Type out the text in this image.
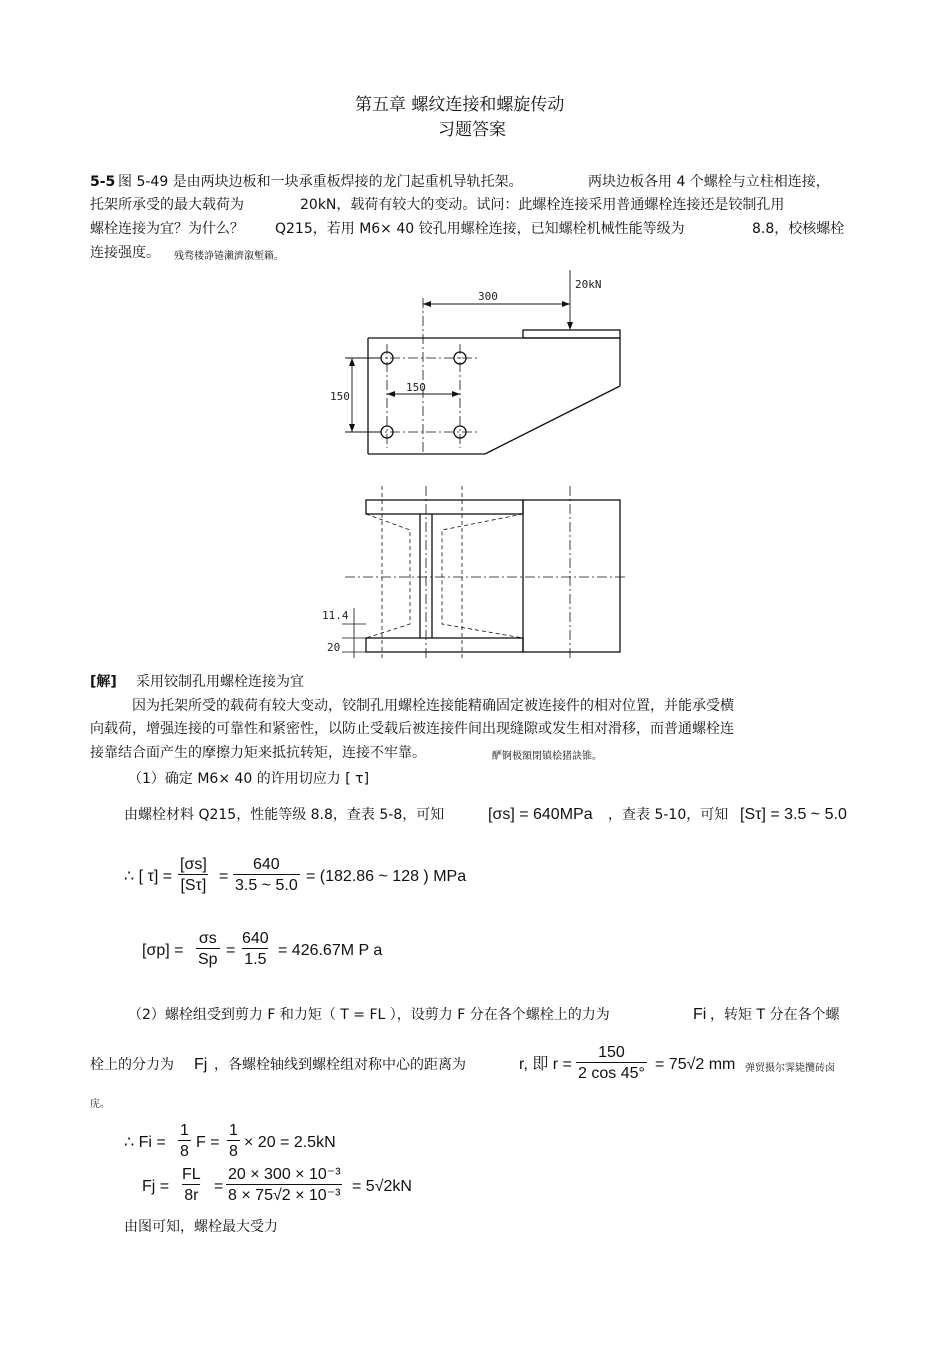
第五章 螺纹连接和螺旋传动
习题答案
5-5 图 5-49 是由两块边板和一块承重板焊接的龙门起重机导轨托架。	两块边板各用 4 个螺栓与立柱相连接，
托架所承受的最大载荷为	20kN，载荷有较大的变动。试问：此螺栓连接采用普通螺栓连接还是铰制孔用
螺栓连接为宜？为什么？ Q215，若用 M6× 40 铰孔用螺栓连接，已知螺栓机械性能等级为	8.8，校核螺栓
连接强度。 残骛楼諍锩瀨濟溆塹籟。
20kN
300
150
150
11.4
20
[解] 采用铰制孔用螺栓连接为宜
因为托架所受的载荷有较大变动，铰制孔用螺栓连接能精确固定被连接件的相对位置，并能承受横
向载荷，增强连接的可靠性和紧密性，以防止受载后被连接件间出现缝隙或发生相对滑移，而普通螺栓连
接靠结合面产生的摩擦力矩来抵抗转矩，连接不牢靠。	酽锕极額閉镇桧猪訣锥。
（1）确定 M6× 40 的许用切应力 [ τ]
由螺栓材料 Q215，性能等级 8.8，查表 5-8，可知	[σs] = 640MPa ，查表 5-10，可知 [Sτ] = 3.5 ~ 5.0
∴ [ $\tau] = \frac{[\sigma s]}{[S\tau]} = \frac{640}{3.5 \sim 5.0} = (182.86$ ~ 128 ) MPa
$[\sigma p] = \frac{\sigma s}{Sp} = \frac{640}{1.5} = 426.67M$ P a
（2）螺栓组受到剪力 F 和力矩（ T = FL ），设剪力 F 分在各个螺栓上的力为	Fi ，转矩 T 分在各个螺
栓上的分力为 Fj ，各螺栓轴线到螺栓组对称中心的距离为	r, 即 $r = \frac{150}{2 \cos 45^\circ} = 75√2$ mm 弹贸摄尔霁毙攬砖卤
庑。
∴ $Fi = \frac{1}{8}$ $F = \frac{1}{8} \times 20 = 2.5kN$
$Fj = \frac{FL}{8r} = \frac{\text{20 × 300 × 10⁻³}}{\text{8 × 75√2 × 10⁻³}} = 5√2kN$
由图可知，螺栓最大受力
